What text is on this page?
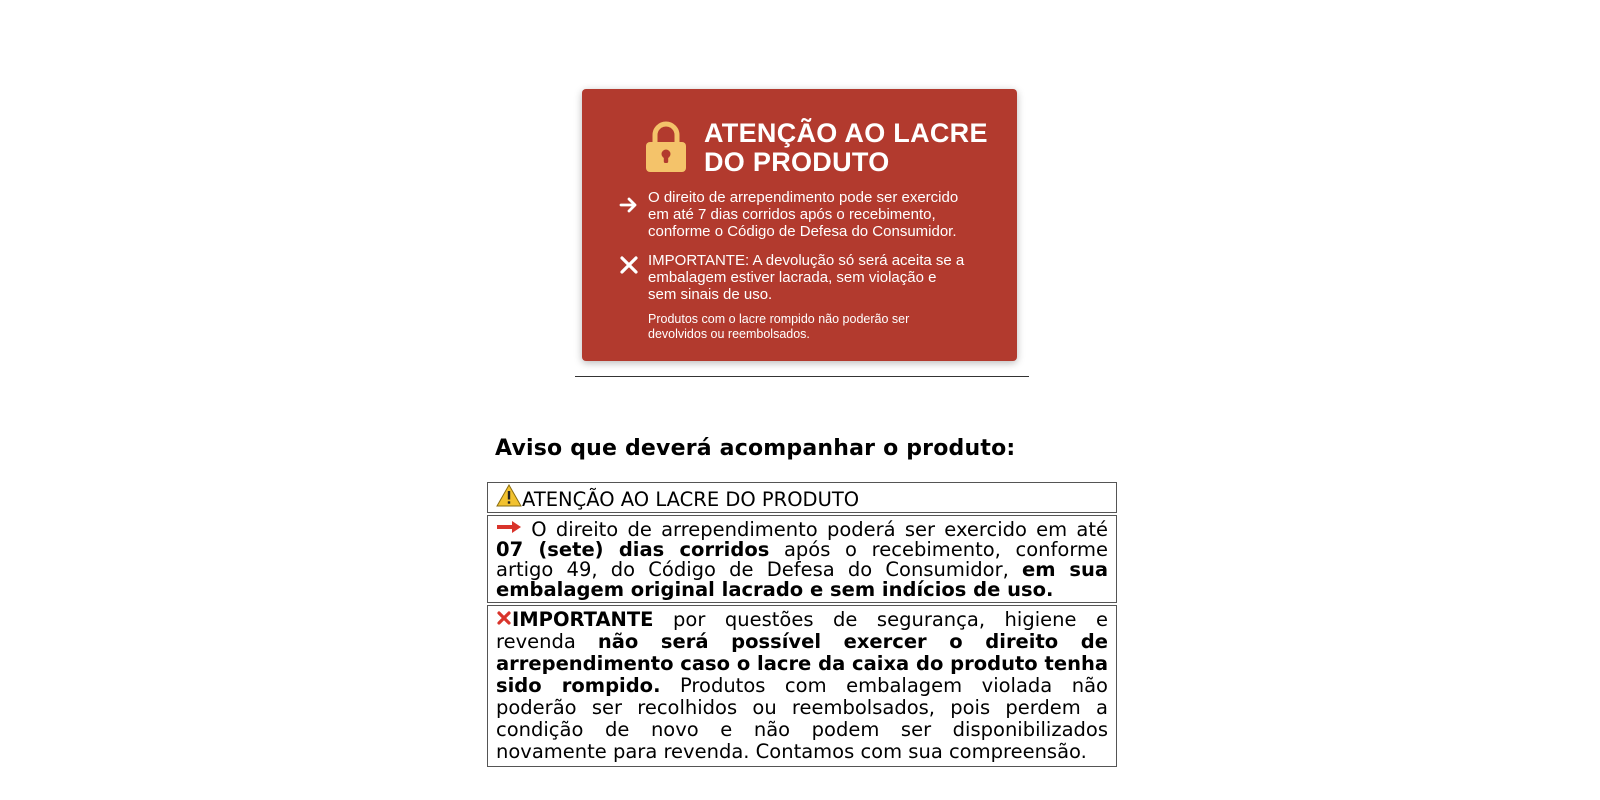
ATENÇÃO AO LACRE DO PRODUTO
O direito de arrependimento pode ser exercido em até 7 dias corridos após o recebimento, conforme o Código de Defesa do Consumidor.
IMPORTANTE: A devolução só será aceita se a embalagem estiver lacrada, sem violação e sem sinais de uso.
Produtos com o lacre rompido não poderão ser devolvidos ou reembolsados.
Aviso que deverá acompanhar o produto:
ATENÇÃO AO LACRE DO PRODUTO
O direito de arrependimento poderá ser exercido em até 07 (sete) dias corridos após o recebimento, conforme artigo 49, do Código de Defesa do Consumidor, em sua embalagem original lacrado e sem indícios de uso.
IMPORTANTE por questões de segurança, higiene e revenda não será possível exercer o direito de arrependimento caso o lacre da caixa do produto tenha sido rompido. Produtos com embalagem violada não poderão ser recolhidos ou reembolsados, pois perdem a condição de novo e não podem ser disponibilizados novamente para revenda. Contamos com sua compreensão.
